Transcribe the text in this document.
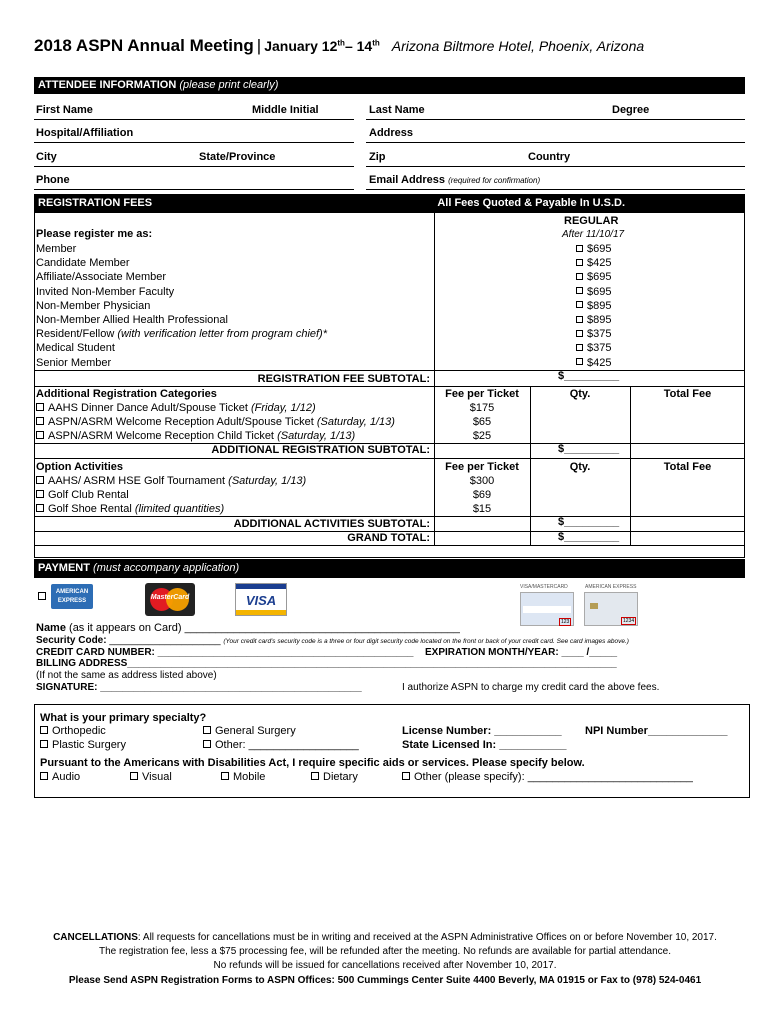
2018 ASPN Annual Meeting | January 12th– 14th Arizona Biltmore Hotel, Phoenix, Arizona
ATTENDEE INFORMATION (please print clearly)
First Name	Middle Initial	Last Name	Degree
Hospital/Affiliation	Address
City	State/Province	Zip	Country
Phone	Email Address (required for confirmation)
REGISTRATION FEES	All Fees Quoted & Payable In U.S.D.
REGULAR
After 11/10/17
Please register me as:
Member	$695
Candidate Member	$425
Affiliate/Associate Member	$695
Invited Non-Member Faculty	$695
Non-Member Physician	$895
Non-Member Allied Health Professional	$895
Resident/Fellow (with verification letter from program chief)*	$375
Medical Student	$375
Senior Member	$425
REGISTRATION FEE SUBTOTAL:	$_________
Additional Registration Categories	Fee per Ticket	Qty.	Total Fee
AAHS Dinner Dance Adult/Spouse Ticket (Friday, 1/12)	$175
ASPN/ASRM Welcome Reception Adult/Spouse Ticket (Saturday, 1/13)	$65
ASPN/ASRM Welcome Reception Child Ticket (Saturday, 1/13)	$25
ADDITIONAL REGISTRATION SUBTOTAL:	$_________
Option Activities	Fee per Ticket	Qty.	Total Fee
AAHS/ ASRM HSE Golf Tournament (Saturday, 1/13)	$300
Golf Club Rental	$69
Golf Shoe Rental (limited quantities)	$15
ADDITIONAL ACTIVITIES SUBTOTAL:	$_________
GRAND TOTAL:	$_________
PAYMENT (must accompany application)

AMERICAN
EXPRESS
	MasterCard	VISA
VISA/MASTERCARD	AMERICAN EXPRESS
123	1234
Name (as it appears on Card) _____________________________________________
Security Code: ____________________ (Your credit card's security code is a three or four digit security code located on the front or back of your credit card. See card images above.)
CREDIT CARD NUMBER: ______________________________________________ EXPIRATION MONTH/YEAR: ____ /_____
BILLING ADDRESS________________________________________________________________________________________
(If not the same as address listed above)
SIGNATURE: _______________________________________________	I authorize ASPN to charge my credit card the above fees.
What is your primary specialty?
Orthopedic
Plastic Surgery
General Surgery
Other: __________________
License Number: ___________ NPI Number_____________
State Licensed In: ___________
Pursuant to the Americans with Disabilities Act, I require specific aids or services. Please specify below.
Audio	Visual	Mobile	Dietary	Other (please specify): ___________________________
CANCELLATIONS: All requests for cancellations must be in writing and received at the ASPN Administrative Offices on or before November 10, 2017.
The registration fee, less a $75 processing fee, will be refunded after the meeting. No refunds are available for partial attendance.
No refunds will be issued for cancellations received after November 10, 2017.
Please Send ASPN Registration Forms to ASPN Offices: 500 Cummings Center Suite 4400 Beverly, MA 01915 or Fax to (978) 524-0461
